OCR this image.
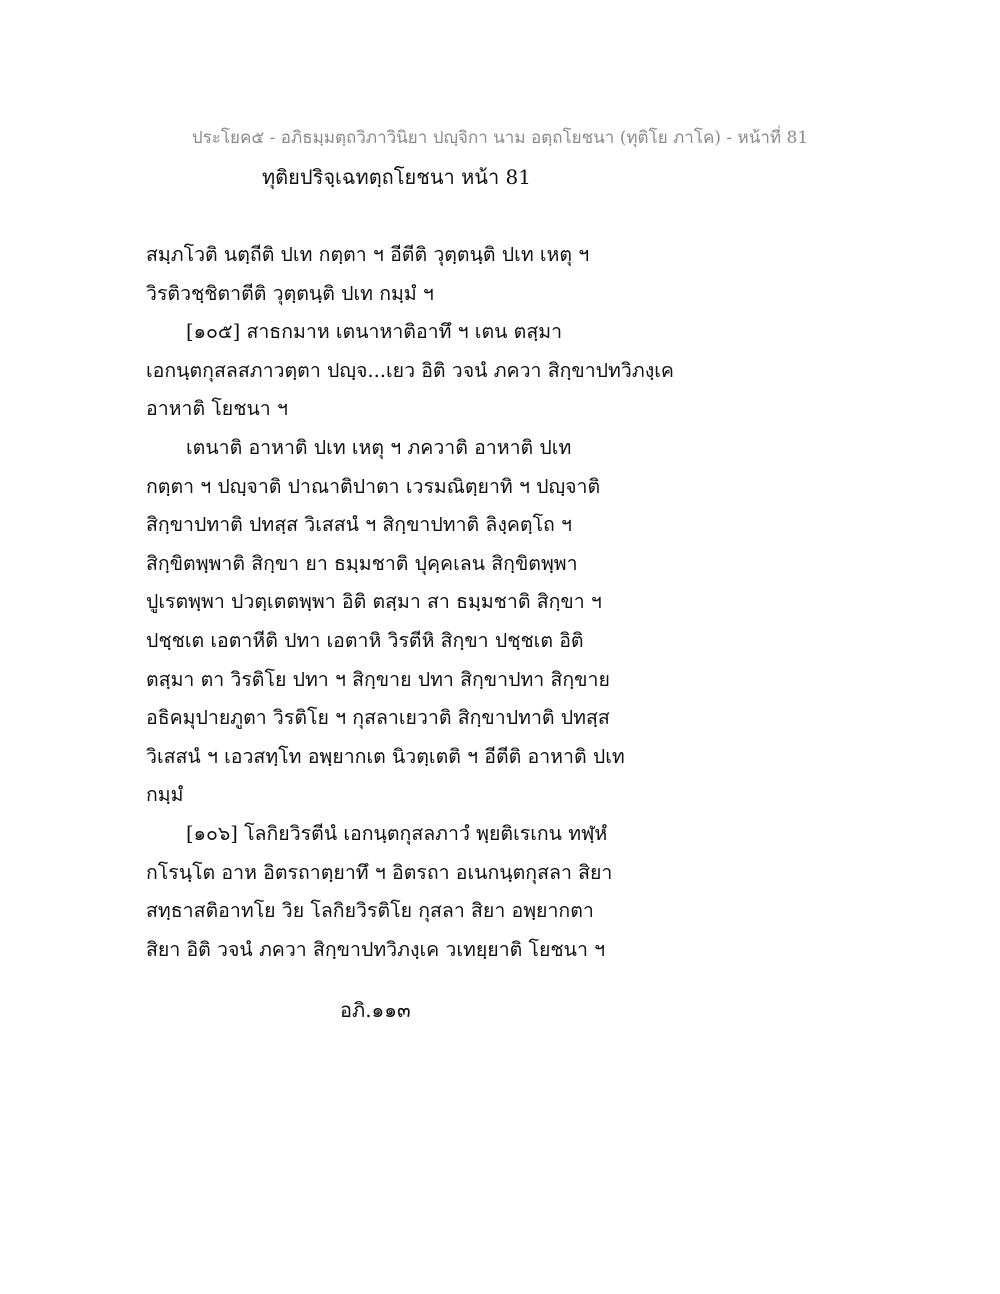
ประโยค๕ - อภิธมฺมตฺถวิภาวินิยา ปญฺจิกา นาม อตฺถโยชนา (ทุติโย ภาโค) - หน้าที่ 81
ทุติยปริจฺเฉทตฺถโยชนา หน้า 81
สมฺภโวติ นตฺถีติ ปเท กตฺตา ฯ อีตีติ วุตฺตนฺติ ปเท เหตุ ฯ
วิรติวชฺชิตาตีติ วุตฺตนฺติ ปเท กมฺมํ ฯ
[๑๐๕] สาธกมาห เตนาหาติอาทึ ฯ เตน ตสฺมา
เอกนฺตกุสลสภาวตฺตา ปญฺจ...เยว อิติ วจนํ ภควา สิกฺขาปทวิภงฺเค
อาหาติ โยชนา ฯ
เตนาติ อาหาติ ปเท เหตุ ฯ ภควาติ อาหาติ ปเท
กตฺตา ฯ ปญฺจาติ ปาณาติปาตา เวรมณิตฺยาทิ ฯ ปญฺจาติ
สิกฺขาปทาติ ปทสฺส วิเสสนํ ฯ สิกฺขาปทาติ ลิงฺคตฺโถ ฯ
สิกฺขิตพฺพาติ สิกฺขา ยา ธมฺมชาติ ปุคฺคเลน สิกฺขิตพฺพา
ปูเรตพฺพา ปวตฺเตตพฺพา อิติ ตสฺมา สา ธมฺมชาติ สิกฺขา ฯ
ปชฺชเต เอตาหีติ ปทา เอตาหิ วิรตีหิ สิกฺขา ปชฺชเต อิติ
ตสฺมา ตา วิรติโย ปทา ฯ สิกฺขาย ปทา สิกฺขาปทา สิกฺขาย
อธิคมุปายภูตา วิรติโย ฯ กุสลาเยวาติ สิกฺขาปทาติ ปทสฺส
วิเสสนํ ฯ เอวสทฺโท อพฺยากเต นิวตฺเตติ ฯ อีตีติ อาหาติ ปเท
กมฺมํ
[๑๐๖] โลกิยวิรตีนํ เอกนฺตกุสลภาวํ พฺยติเรเกน ทฬฺหํ
กโรนฺโต อาห อิตรถาตฺยาทึ ฯ อิตรถา อเนกนฺตกุสลา สิยา
สทฺธาสติอาทโย วิย โลกิยวิรติโย กุสลา สิยา อพฺยากตา
สิยา อิติ วจนํ ภควา สิกฺขาปทวิภงฺเค วเทยฺยาติ โยชนา ฯ
อภิ.๑๑๓
